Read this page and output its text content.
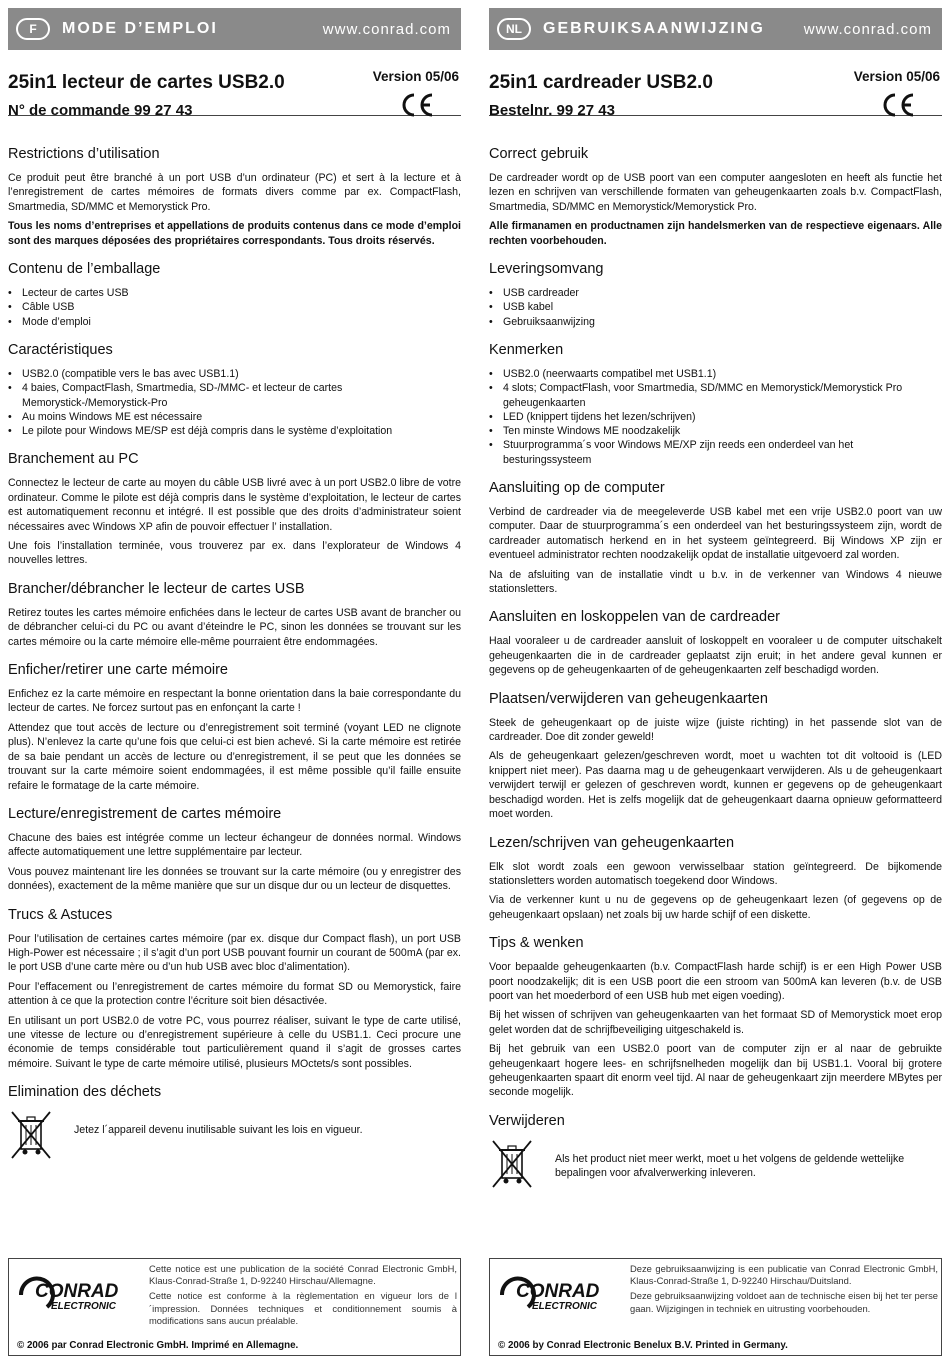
F	MODE D’EMPLOI	www.conrad.com
25in1 lecteur de cartes USB2.0
N° de commande 99 27 43
Version 05/06
Restrictions d’utilisation

Ce produit peut être branché à un port USB d’un ordinateur (PC) et sert à la lecture et à l’enregistrement de cartes mémoires de formats divers comme par ex. CompactFlash, Smartmedia, SD/MMC et Memorystick Pro.

Tous les noms d’entreprises et appellations de produits contenus dans ce mode d’emploi sont des marques déposées des propriétaires correspondants. Tous droits réservés.

Contenu de l’emballage
• Lecteur de cartes USB
• Câble USB
• Mode d’emploi
Caractéristiques
• USB2.0 (compatible vers le bas avec USB1.1)
• 4 baies, CompactFlash, Smartmedia, SD-/MMC- et lecteur de cartes Memorystick-/Memorystick-Pro
• Au moins Windows ME est nécessaire
• Le pilote pour Windows ME/SP est déjà compris dans le système d’exploitation
Branchement au PC

Connectez le lecteur de carte au moyen du câble USB livré avec à un port USB2.0 libre de votre ordinateur. Comme le pilote est déjà compris dans le système d’exploitation, le lecteur de cartes est automatiquement reconnu et intégré. Il est possible que des droits d’administrateur soient nécessaires avec Windows XP afin de pouvoir effectuer l’ installation.

Une fois l’installation terminée, vous trouverez par ex. dans l’explorateur de Windows 4 nouvelles lettres.

Brancher/débrancher le lecteur de cartes USB

Retirez toutes les cartes mémoire enfichées dans le lecteur de cartes USB avant de brancher ou de débrancher celui-ci du PC ou avant d’éteindre le PC, sinon les données se trouvant sur les cartes mémoire ou la carte mémoire elle-même pourraient être endommagées.

Enficher/retirer une carte mémoire

Enfichez ez la carte mémoire en respectant la bonne orientation dans la baie correspondante du lecteur de cartes. Ne forcez surtout pas en enfonçant la carte !

Attendez que tout accès de lecture ou d’enregistrement soit terminé (voyant LED ne clignote plus). N’enlevez la carte qu’une fois que celui-ci est bien achevé. Si la carte mémoire est retirée de sa baie pendant un accès de lecture ou d’enregistrement, il se peut que les données se trouvant sur la carte mémoire soient endommagées, il est même possible qu’il faille ensuite refaire le formatage de la carte mémoire.

Lecture/enregistrement de cartes mémoire

Chacune des baies est intégrée comme un lecteur échangeur de données normal. Windows affecte automatiquement une lettre supplémentaire par lecteur.

Vous pouvez maintenant lire les données se trouvant sur la carte mémoire (ou y enregistrer des données), exactement de la même manière que sur un disque dur ou un lecteur de disquettes.

Trucs & Astuces

Pour l’utilisation de certaines cartes mémoire (par ex. disque dur Compact flash), un port USB High-Power est nécessaire ; il s’agit d’un port USB pouvant fournir un courant de 500mA (par ex. le port USB d’une carte mère ou d’un hub USB avec bloc d’alimentation).

Pour l’effacement ou l’enregistrement de cartes mémoire du format SD ou Memorystick, faire attention à ce que la protection contre l’écriture soit bien désactivée.

En utilisant un port USB2.0 de votre PC, vous pourrez réaliser, suivant le type de carte utilisé, une vitesse de lecture ou d’enregistrement supérieure à celle du USB1.1. Ceci procure une économie de temps considérable tout particulièrement quand il s’agit de grosses cartes mémoire. Suivant le type de carte mémoire utilisé, plusieurs MOctets/s sont possibles.

Elimination des déchets

Jetez l´appareil devenu inutilisable suivant les lois en vigueur.

NL	GEBRUIKSAANWIJZING	www.conrad.com
25in1 cardreader USB2.0
Bestelnr. 99 27 43
Version 05/06
Correct gebruik

De cardreader wordt op de USB poort van een computer aangesloten en heeft als functie het lezen en schrijven van verschillende formaten van geheugenkaarten zoals b.v. CompactFlash, Smartmedia, SD/MMC en Memorystick/Memorystick Pro.

Alle firmanamen en productnamen zijn handelsmerken van de respectieve eigenaars. Alle rechten voorbehouden.

Leveringsomvang
• USB cardreader
• USB kabel
• Gebruiksaanwijzing
Kenmerken
• USB2.0 (neerwaarts compatibel met USB1.1)
• 4 slots; CompactFlash, voor Smartmedia, SD/MMC en Memorystick/Memorystick Pro geheugenkaarten
• LED (knippert tijdens het lezen/schrijven)
• Ten minste Windows ME noodzakelijk
• Stuurprogramma´s voor Windows ME/XP zijn reeds een onderdeel van het besturingssysteem
Aansluiting op de computer

Verbind de cardreader via de meegeleverde USB kabel met een vrije USB2.0 poort van uw computer. Daar de stuurprogramma´s een onderdeel van het besturingssysteem zijn, wordt de cardreader automatisch herkend en in het systeem geïntegreerd. Bij Windows XP zijn er eventueel administrator rechten noodzakelijk opdat de installatie uitgevoerd zal worden.

Na de afsluiting van de installatie vindt u b.v. in de verkenner van Windows 4 nieuwe stationsletters.

Aansluiten en loskoppelen van de cardreader

Haal vooraleer u de cardreader aansluit of loskoppelt en vooraleer u de computer uitschakelt geheugenkaarten die in de cardreader geplaatst zijn eruit; in het andere geval kunnen er gegevens op de geheugenkaarten of de geheugenkaarten zelf beschadigd worden.

Plaatsen/verwijderen van geheugenkaarten

Steek de geheugenkaart op de juiste wijze (juiste richting) in het passende slot van de cardreader. Doe dit zonder geweld!

Als de geheugenkaart gelezen/geschreven wordt, moet u wachten tot dit voltooid is (LED knippert niet meer). Pas daarna mag u de geheugenkaart verwijderen. Als u de geheugenkaart verwijdert terwijl er gelezen of geschreven wordt, kunnen er gegevens op de geheugenkaart beschadigd worden. Het is zelfs mogelijk dat de geheugenkaart daarna opnieuw geformatteerd moet worden.

Lezen/schrijven van geheugenkaarten

Elk slot wordt zoals een gewoon verwisselbaar station geïntegreerd. De bijkomende stationsletters worden automatisch toegekend door Windows.

Via de verkenner kunt u nu de gegevens op de geheugenkaart lezen (of gegevens op de geheugenkaart opslaan) net zoals bij uw harde schijf of een diskette.

Tips & wenken

Voor bepaalde geheugenkaarten (b.v. CompactFlash harde schijf) is er een High Power USB poort noodzakelijk; dit is een USB poort die een stroom van 500mA kan leveren (b.v. de USB poort van het moederbord of een USB hub met eigen voeding).

Bij het wissen of schrijven van geheugenkaarten van het formaat SD of Memorystick moet erop gelet worden dat de schrijfbeveiliging uitgeschakeld is.

Bij het gebruik van een USB2.0 poort van de computer zijn er al naar de gebruikte geheugenkaart hogere lees- en schrijfsnelheden mogelijk dan bij USB1.1. Vooral bij grotere geheugenkaarten spaart dit enorm veel tijd. Al naar de geheugenkaart zijn meerdere MBytes per seconde mogelijk.

Verwijderen

Als het product niet meer werkt, moet u het volgens de geldende wettelijke bepalingen voor afvalverwerking inleveren.

CONRAD
ELECTRONIC

Cette notice est une publication de la société Conrad Electronic GmbH, Klaus-Conrad-Straße 1, D-92240 Hirschau/Allemagne.

Cette notice est conforme à la règlementation en vigueur lors de l´impression. Données techniques et conditionnement soumis à modifications sans aucun préalable.

© 2006 par Conrad Electronic GmbH. Imprimé en Allemagne.
CONRAD
ELECTRONIC

Deze gebruiksaanwijzing is een publicatie van Conrad Electronic GmbH, Klaus-Conrad-Straße 1, D-92240 Hirschau/Duitsland.

Deze gebruiksaanwijzing voldoet aan de technische eisen bij het ter perse gaan. Wijzigingen in techniek en uitrusting voorbehouden.

© 2006 by Conrad Electronic Benelux B.V. Printed in Germany.
